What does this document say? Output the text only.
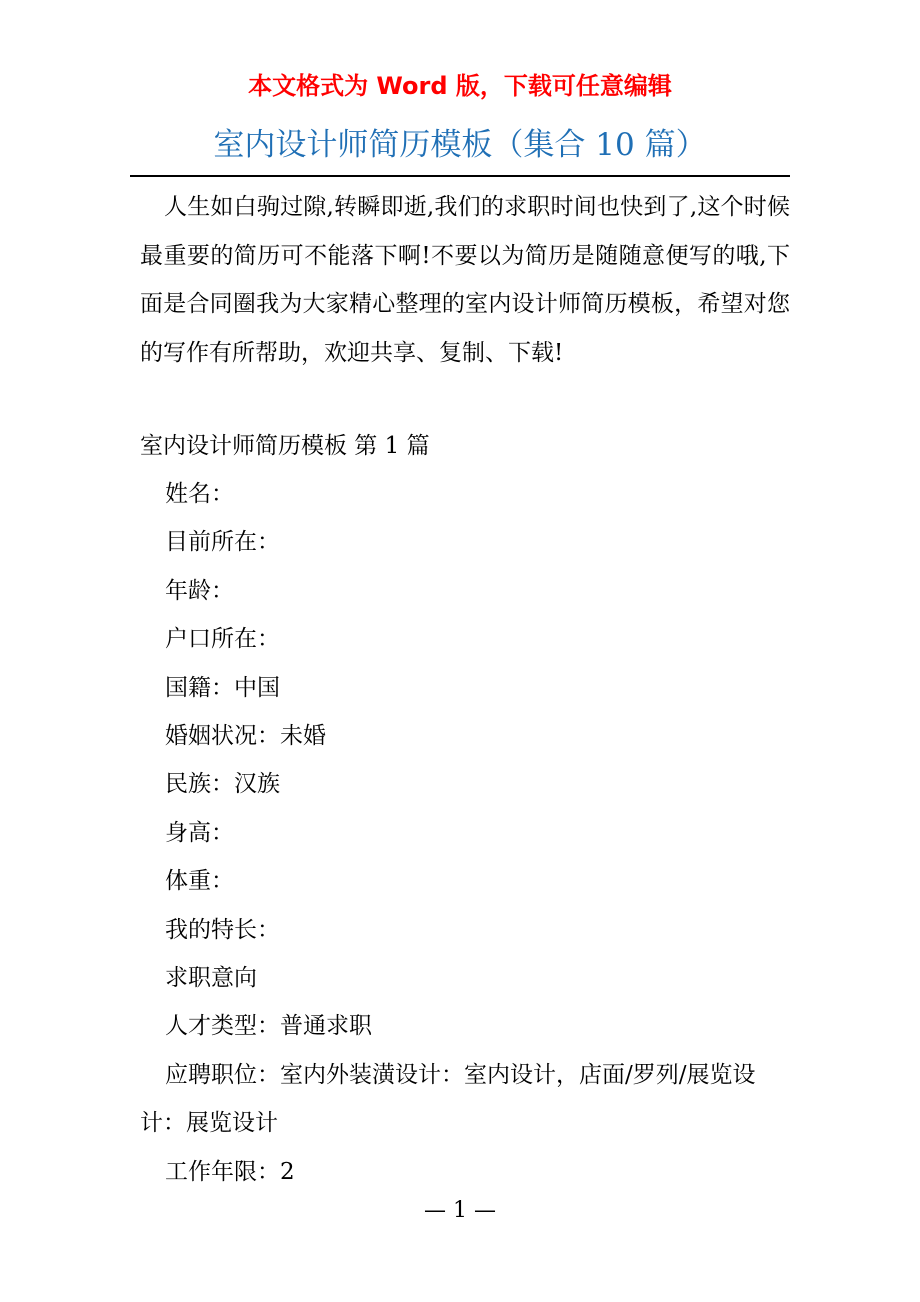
本文格式为 Word 版，下载可任意编辑

室内设计师简历模板（集合 10 篇）

人生如白驹过隙,转瞬即逝,我们的求职时间也快到了,这个时候最重要的简历可不能落下啊!不要以为简历是随随意便写的哦,下面是合同圈我为大家精心整理的室内设计师简历模板，希望对您的写作有所帮助，欢迎共享、复制、下载!

室内设计师简历模板 第 1 篇

姓名：
目前所在：
年龄：
户口所在：
国籍：中国
婚姻状况：未婚
民族：汉族
身高：
体重：
我的特长：
求职意向
人才类型：普通求职
应聘职位：室内外装潢设计：室内设计，店面/罗列/展览设计：展览设计
工作年限：2

— 1 —
